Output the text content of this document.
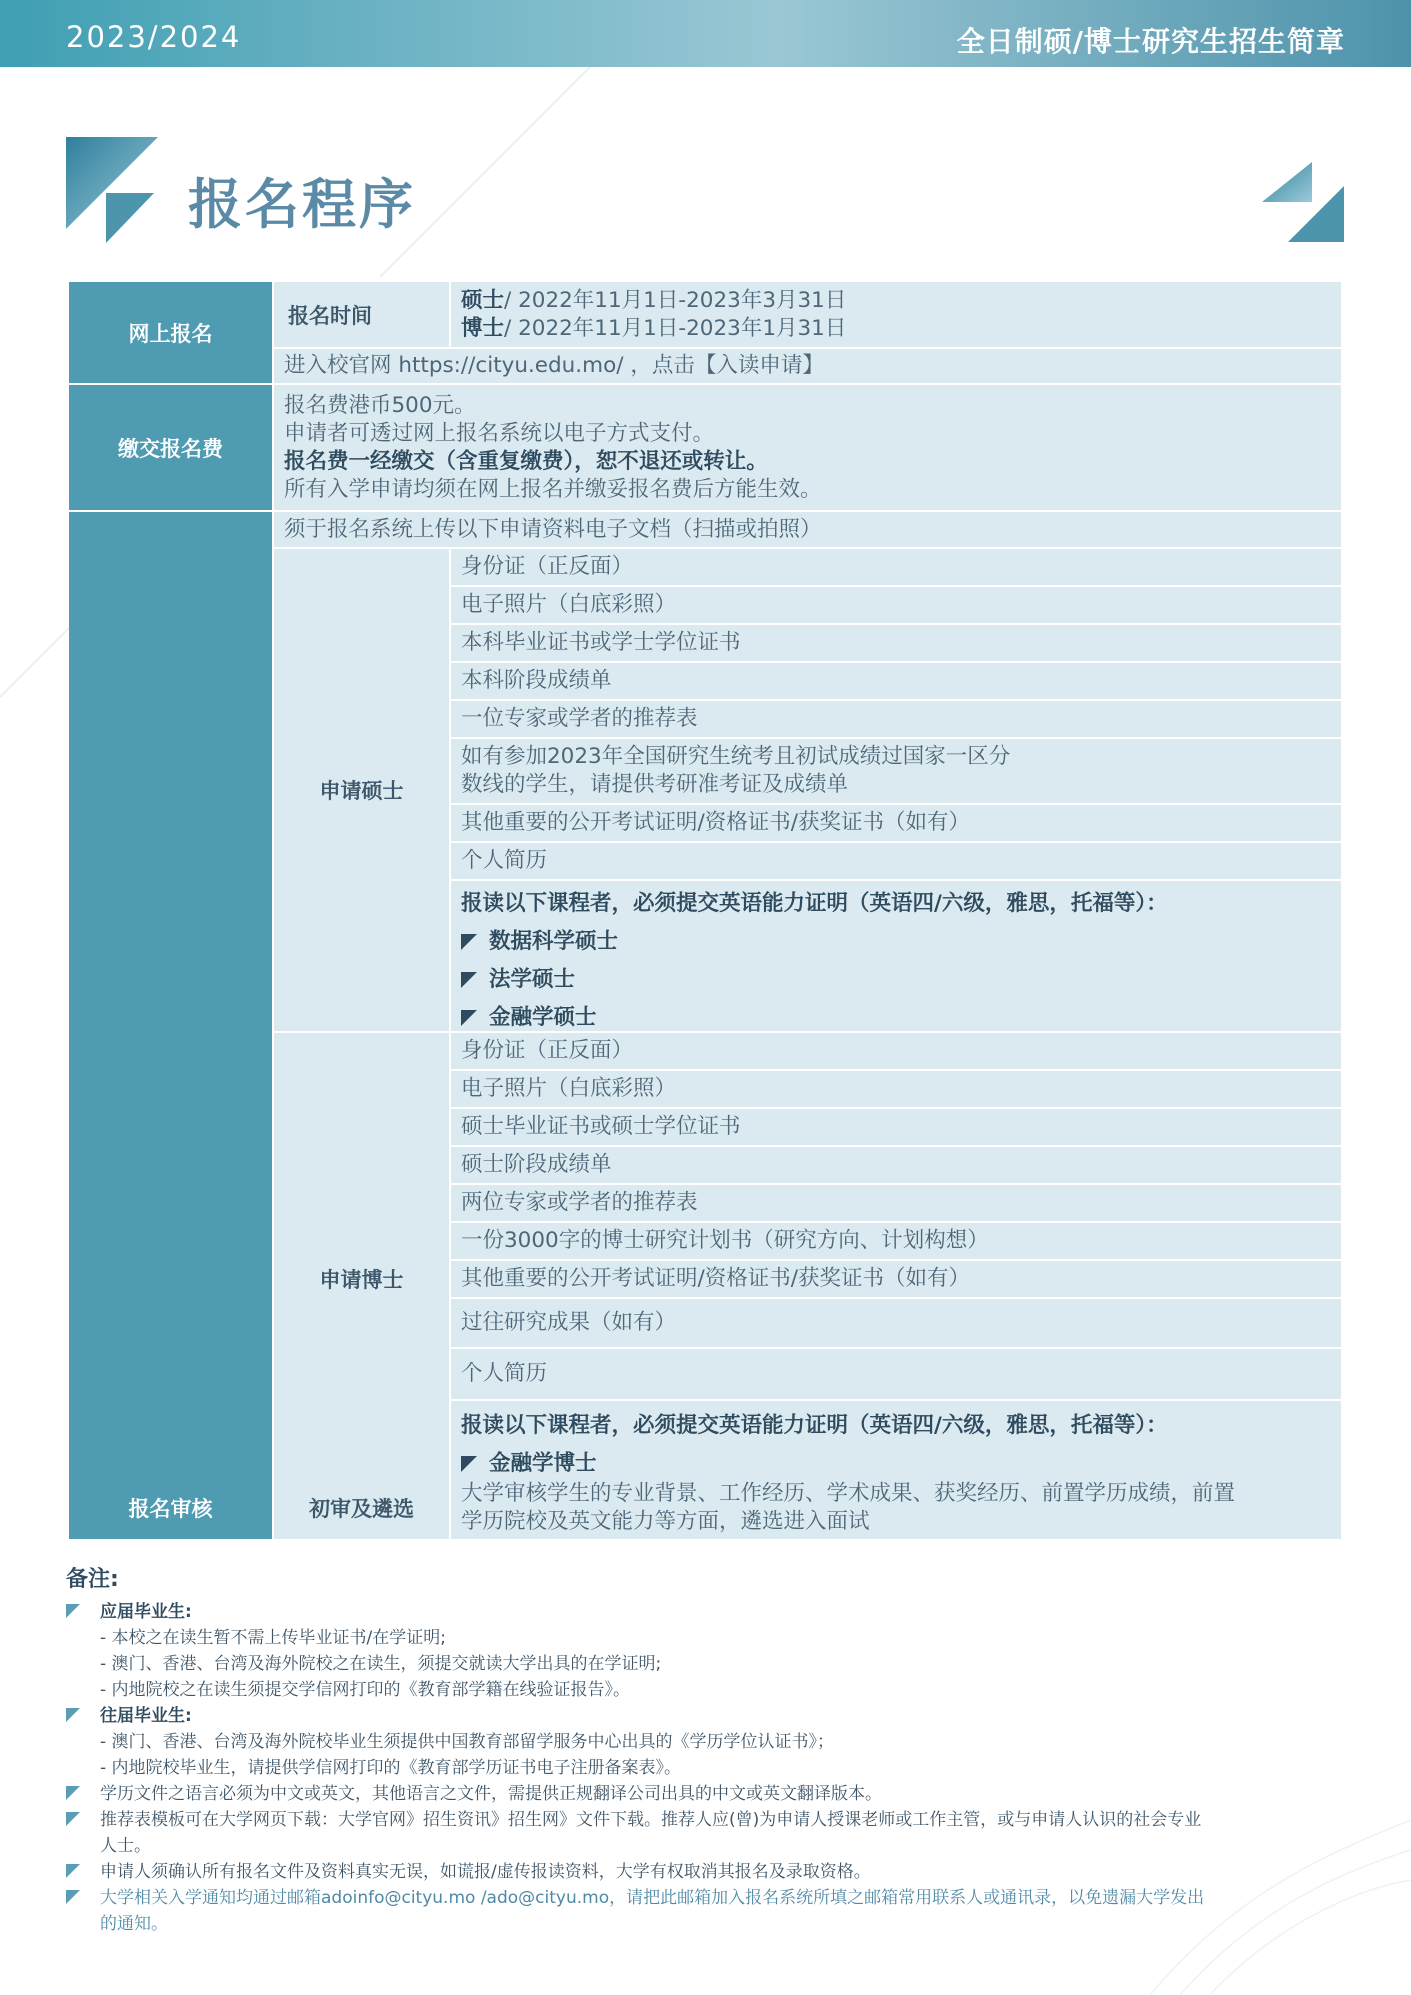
2023/2024	全日制硕/博士研究生招生简章
报名程序
网上报名
报名时间
硕士/ 2022年11月1日-2023年3月31日
博士/ 2022年11月1日-2023年1月31日
进入校官网 https://cityu.edu.mo/ ，点击【入读申请】
缴交报名费
报名费港币500元。
申请者可透过网上报名系统以电子方式支付。
报名费一经缴交（含重复缴费），恕不退还或转让。
所有入学申请均须在网上报名并缴妥报名费后方能生效。
须于报名系统上传以下申请资料电子文档（扫描或拍照）
申请硕士
身份证（正反面）
电子照片（白底彩照）
本科毕业证书或学士学位证书
本科阶段成绩单
一位专家或学者的推荐表
如有参加2023年全国研究生统考且初试成绩过国家一区分
数线的学生，请提供考研准考证及成绩单
其他重要的公开考试证明/资格证书/获奖证书（如有）
个人简历
报读以下课程者，必须提交英语能力证明（英语四/六级，雅思，托福等）：
数据科学硕士
法学硕士
金融学硕士
申请博士
身份证（正反面）
电子照片（白底彩照）
硕士毕业证书或硕士学位证书
硕士阶段成绩单
两位专家或学者的推荐表
一份3000字的博士研究计划书（研究方向、计划构想）
其他重要的公开考试证明/资格证书/获奖证书（如有）
过往研究成果（如有）
个人简历
报读以下课程者，必须提交英语能力证明（英语四/六级，雅思，托福等）：
金融学博士
报名审核	初审及遴选
大学审核学生的专业背景、工作经历、学术成果、获奖经历、前置学历成绩，前置
学历院校及英文能力等方面，遴选进入面试
备注:
应届毕业生:
- 本校之在读生暂不需上传毕业证书/在学证明;
- 澳门、香港、台湾及海外院校之在读生，须提交就读大学出具的在学证明;
- 内地院校之在读生须提交学信网打印的《教育部学籍在线验证报告》。
往届毕业生:
- 澳门、香港、台湾及海外院校毕业生须提供中国教育部留学服务中心出具的《学历学位认证书》；
- 内地院校毕业生，请提供学信网打印的《教育部学历证书电子注册备案表》。
学历文件之语言必须为中文或英文，其他语言之文件，需提供正规翻译公司出具的中文或英文翻译版本。
推荐表模板可在大学网页下载：大学官网》招生资讯》招生网》文件下载。推荐人应(曾)为申请人授课老师或工作主管，或与申请人认识的社会专业
人士。
申请人须确认所有报名文件及资料真实无误，如谎报/虚传报读资料，大学有权取消其报名及录取资格。
大学相关入学通知均通过邮箱adoinfo@cityu.mo /ado@cityu.mo，请把此邮箱加入报名系统所填之邮箱常用联系人或通讯录，以免遗漏大学发出
的通知。
